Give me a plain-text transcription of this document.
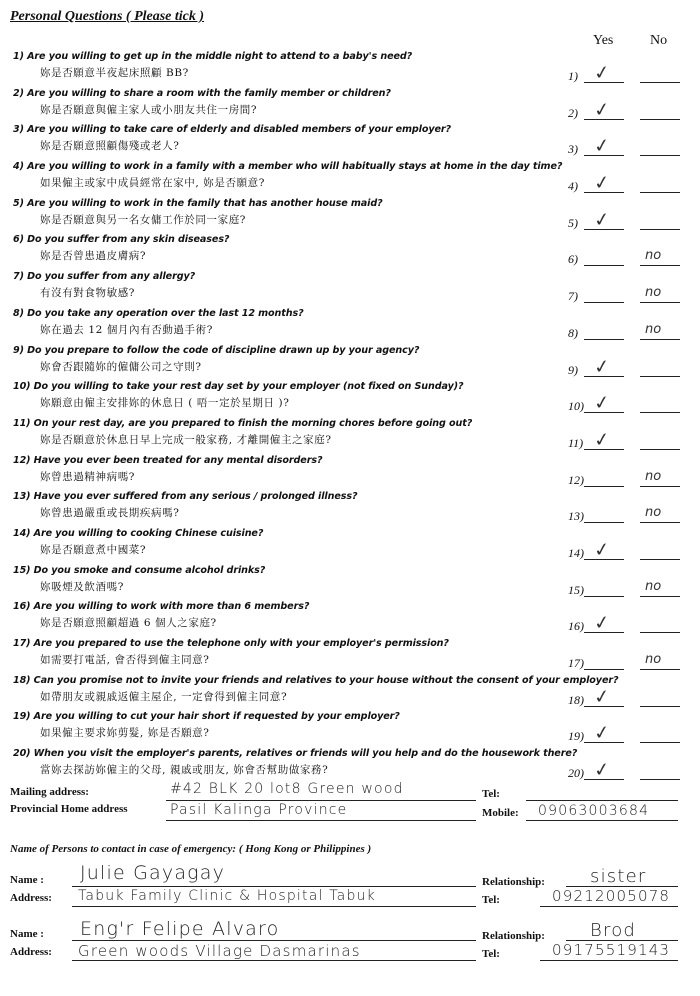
Personal Questions ( Please tick )
Yes	No
1) Are you willing to get up in the middle night to attend to a baby's need?
妳是否願意半夜起床照顧 BB?	1) ✓
2) Are you willing to share a room with the family member or children?
妳是否願意與僱主家人或小朋友共住一房間?	2) ✓
3) Are you willing to take care of elderly and disabled members of your employer?
妳是否願意照顧傷殘或老人?	3) ✓
4) Are you willing to work in a family with a member who will habitually stays at home in the day time?
如果僱主或家中成員經常在家中, 妳是否願意?	4) ✓
5) Are you willing to work in the family that has another house maid?
妳是否願意與另一名女傭工作於同一家庭?	5) ✓
6) Do you suffer from any skin diseases?
妳是否曾患過皮膚病?	6)	no
7) Do you suffer from any allergy?
有沒有對食物敏感?	7)	no
8) Do you take any operation over the last 12 months?
妳在過去 12 個月內有否動過手術?	8)	no
9) Do you prepare to follow the code of discipline drawn up by your agency?
妳會否跟隨妳的僱傭公司之守則?	9) ✓
10) Do you willing to take your rest day set by your employer (not fixed on Sunday)?
妳願意由僱主安排妳的休息日 ( 唔一定於星期日 )?	10) ✓
11) On your rest day, are you prepared to finish the morning chores before going out?
妳是否願意於休息日早上完成一般家務, 才離開僱主之家庭?	11) ✓
12) Have you ever been treated for any mental disorders?
妳曾患過精神病嗎?	12)	no
13) Have you ever suffered from any serious / prolonged illness?
妳曾患過嚴重或長期疾病嗎?	13)	no
14) Are you willing to cooking Chinese cuisine?
妳是否願意煮中國菜?	14) ✓
15) Do you smoke and consume alcohol drinks?
妳吸煙及飲酒嗎?	15)	no
16) Are you willing to work with more than 6 members?
妳是否願意照顧超過 6 個人之家庭?	16) ✓
17) Are you prepared to use the telephone only with your employer's permission?
如需要打電話, 會否得到僱主同意?	17)	no
18) Can you promise not to invite your friends and relatives to your house without the consent of your employer?
如帶朋友或親戚返僱主屋企, 一定會得到僱主同意?	18) ✓
19) Are you willing to cut your hair short if requested by your employer?
如果僱主要求妳剪髮, 妳是否願意?	19) ✓
20) When you visit the employer's parents, relatives or friends will you help and do the housework there?
當妳去探訪妳僱主的父母, 親戚或朋友, 妳會否幫助做家務?	20) ✓
Mailing address:	#42 BLK 20 lot8 Green wood	Tel:
Provincial Home address	Pasil Kalinga Province	Mobile: 09063003684
Name of Persons to contact in case of emergency: ( Hong Kong or Philippines )
Name : Julie Gayagay	Relationship:	sister
Address: Tabuk Family Clinic & Hospital Tabuk	Tel:	09212005078
Name : Eng'r Felipe Alvaro	Relationship:	Brod
Address: Green woods Village Dasmarinas	Tel:	09175519143
